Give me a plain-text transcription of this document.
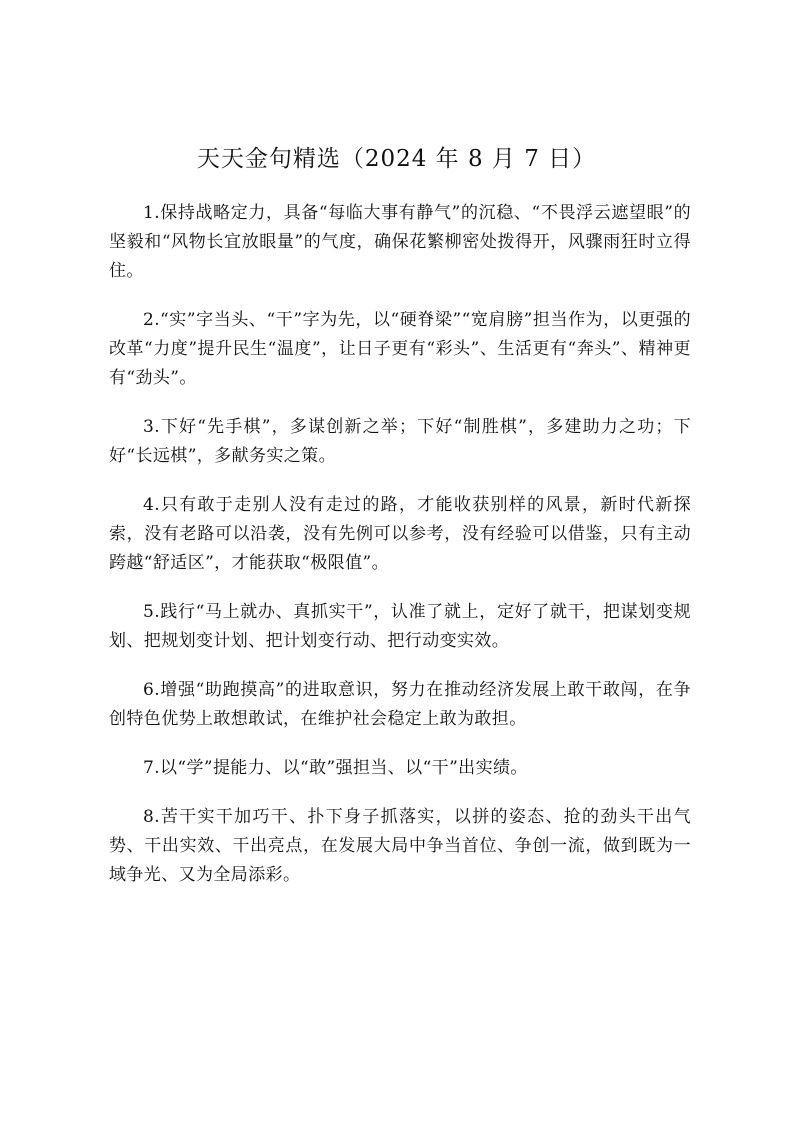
天天金句精选（2024 年 8 月 7 日）

1.保持战略定力，具备“每临大事有静气”的沉稳、“不畏浮云遮望眼”的坚毅和“风物长宜放眼量”的气度，确保花繁柳密处拨得开，风骤雨狂时立得住。

2.“实”字当头、“干”字为先，以“硬脊梁”“宽肩膀”担当作为，以更强的改革“力度”提升民生“温度”，让日子更有“彩头”、生活更有“奔头”、精神更有“劲头”。

3.下好“先手棋”，多谋创新之举；下好“制胜棋”，多建助力之功；下好“长远棋”，多献务实之策。

4.只有敢于走别人没有走过的路，才能收获别样的风景，新时代新探索，没有老路可以沿袭，没有先例可以参考，没有经验可以借鉴，只有主动跨越“舒适区”，才能获取“极限值”。

5.践行“马上就办、真抓实干”，认准了就上，定好了就干，把谋划变规划、把规划变计划、把计划变行动、把行动变实效。

6.增强“助跑摸高”的进取意识，努力在推动经济发展上敢干敢闯，在争创特色优势上敢想敢试，在维护社会稳定上敢为敢担。

7.以“学”提能力、以“敢”强担当、以“干”出实绩。

8.苦干实干加巧干、扑下身子抓落实，以拼的姿态、抢的劲头干出气势、干出实效、干出亮点，在发展大局中争当首位、争创一流，做到既为一域争光、又为全局添彩。
